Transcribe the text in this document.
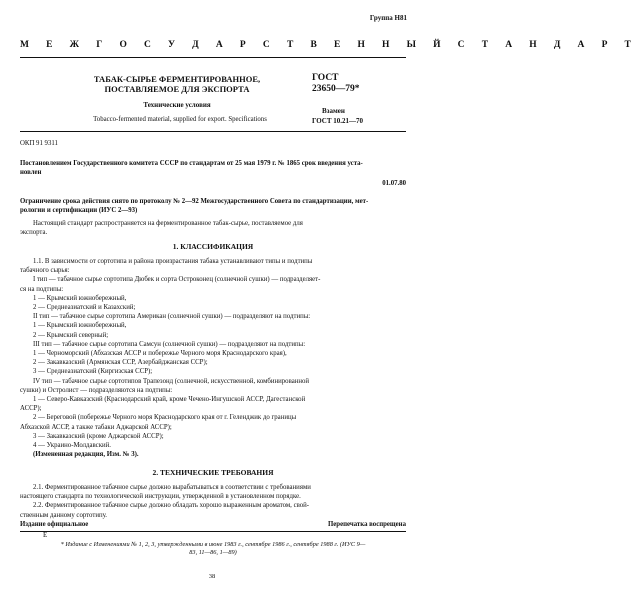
Группа Н81
М Е Ж Г О С У Д А Р С Т В Е Н Н Ы Й С Т А Н Д А Р Т
ТАБАК-СЫРЬЕ ФЕРМЕНТИРОВАННОЕ,
ПОСТАВЛЯЕМОЕ ДЛЯ ЭКСПОРТА
Технические условия
Tobacco-fermented material, supplied for export. Specifications
ГОСТ
23650—79*
Взамен
ГОСТ 10.21—70
ОКП 91 9311
Постановлением Государственного комитета СССР по стандартам от 25 мая 1979 г. № 1865 срок введения уста-
новлен
01.07.80
Ограничение срока действия снято по протоколу № 2—92 Межгосударственного Совета по стандартизации, мет-
рологии и сертификации (ИУС 2—93)
Настоящий стандарт распространяется на ферментированное табак-сырье, поставляемое для
экспорта.
1. КЛАССИФИКАЦИЯ
1.1. В зависимости от сортотипа и района произрастания табака устанавливают типы и подтипы
табачного сырья:
I тип — табачное сырье сортотипа Дюбек и сорта Остроконец (солнечной сушки) — подразделяет-
ся на подтипы:
1 — Крымский южнобережный,
2 — Среднеазиатский и Казахский;
II тип — табачное сырье сортотипа Американ (солнечной сушки) — подразделяют на подтипы:
1 — Крымский южнобережный,
2 — Крымский северный;
III тип — табачное сырье сортотипа Самсун (солнечной сушки) — подразделяют на подтипы:
1 — Черноморский (Абхазская АССР и побережье Черного моря Краснодарского края),
2 — Закавказский (Армянская ССР, Азербайджанская ССР);
3 — Среднеазиатский (Киргизская ССР);
IV тип — табачное сырье сортотипов Трапезонд (солнечной, искусственной, комбинированной
сушки) и Остролист — подразделяются на подтипы:
1 — Северо-Кавказский (Краснодарский край, кроме Чечено-Ингушской АССР, Дагестанской
АССР);
2 — Береговой (побережье Черного моря Краснодарского края от г. Геленджик до границы
Абхазской АССР, а также табаки Аджарской АССР);
3 — Закавказский (кроме Аджарской АССР);
4 — Украино-Молдавский.
(Измененная редакция, Изм. № 3).
2. ТЕХНИЧЕСКИЕ ТРЕБОВАНИЯ
2.1. Ферментированное табачное сырье должно вырабатываться в соответствии с требованиями
настоящего стандарта по технологической инструкции, утвержденной в установленном порядке.
2.2. Ферментированное табачное сырье должно обладать хорошо выраженным ароматом, свой-
ственным данному сортотипу.
Издание официальное	Перепечатка воспрещена
Е
* Издание с Изменениями № 1, 2, 3, утвержденными в июне 1983 г., сентябре 1986 г., сентябре 1988 г. (ИУС 9—
83, 11—86, 1—89)
38
